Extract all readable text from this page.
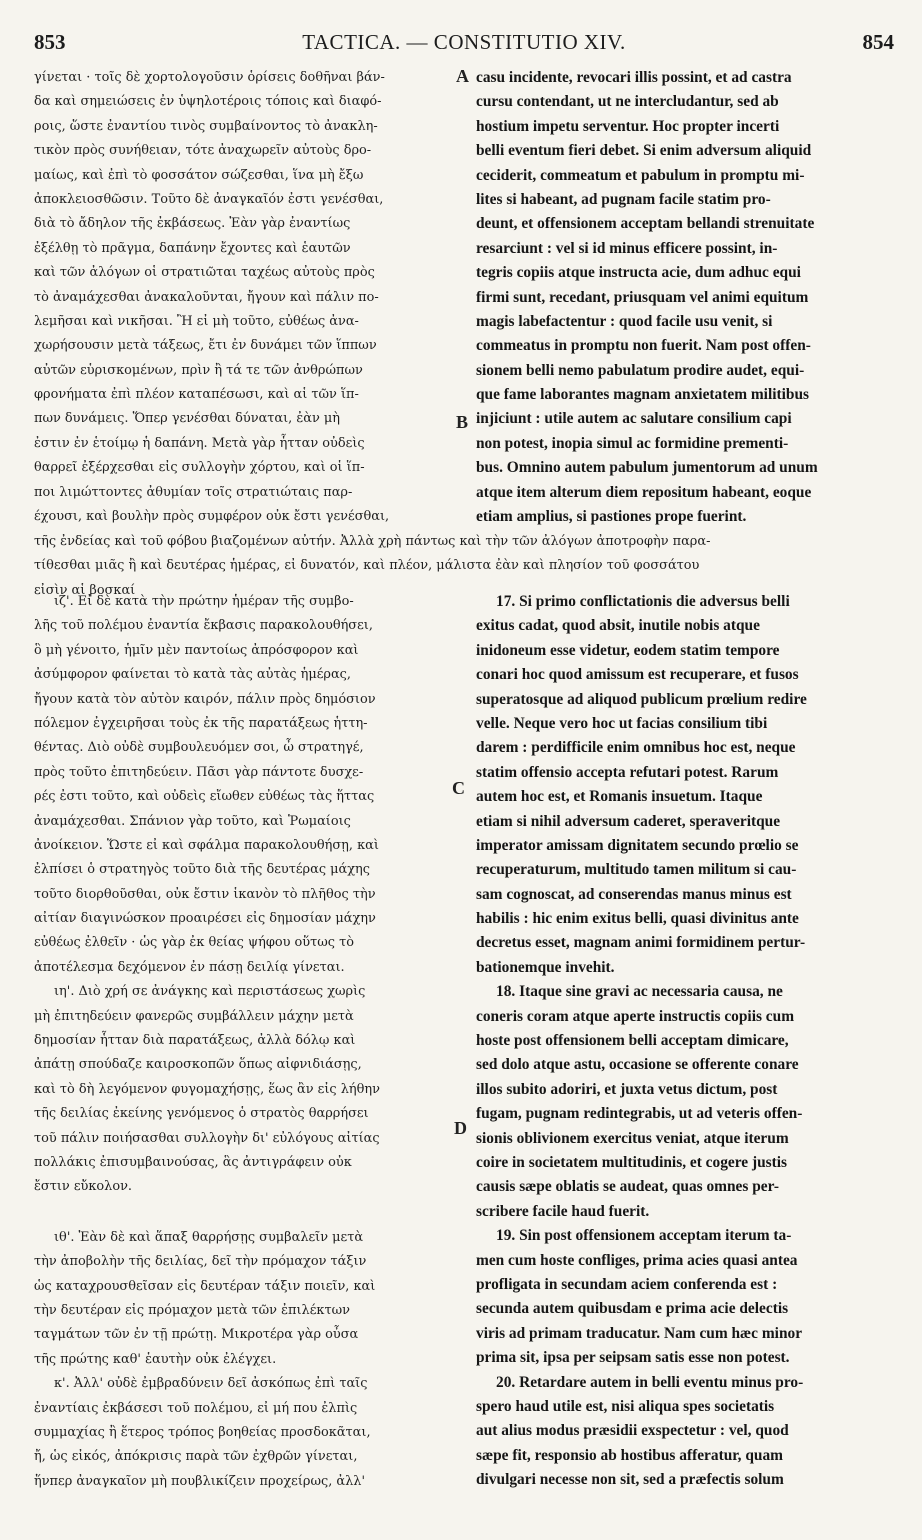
853	TACTICA. — CONSTITUTIO XIV.	854
γίνεται · τοῖς δὲ χορτολογοῦσιν ὁρίσεις δοθῆναι βάν-
δα καὶ σημειώσεις ἐν ὑψηλοτέροις τόποις καὶ διαφό-
ροις, ὥστε ἐναντίου τινὸς συμβαίνοντος τὸ ἀνακλη-
τικὸν πρὸς συνήθειαν, τότε ἀναχωρεῖν αὐτοὺς δρο-
μαίως, καὶ ἐπὶ τὸ φοσσάτον σώζεσθαι, ἵνα μὴ ἔξω
ἀποκλειοσθῶσιν. Τοῦτο δὲ ἀναγκαῖόν ἐστι γενέσθαι,
διὰ τὸ ἄδηλον τῆς ἐκβάσεως. Ἐὰν γὰρ ἐναντίως
ἐξέλθῃ τὸ πρᾶγμα, δαπάνην ἔχοντες καὶ ἑαυτῶν
καὶ τῶν ἀλόγων οἱ στρατιῶται ταχέως αὐτοὺς πρὸς
τὸ ἀναμάχεσθαι ἀνακαλοῦνται, ἤγουν καὶ πάλιν πο-
λεμῆσαι καὶ νικῆσαι. Ἢ εἰ μὴ τοῦτο, εὐθέως ἀνα-
χωρήσουσιν μετὰ τάξεως, ἔτι ἐν δυνάμει τῶν ἵππων
αὐτῶν εὑρισκομένων, πρὶν ἢ τά τε τῶν ἀνθρώπων
φρονήματα ἐπὶ πλέον καταπέσωσι, καὶ αἱ τῶν ἵπ-
πων δυνάμεις. Ὅπερ γενέσθαι δύναται, ἐὰν μὴ
ἐστιν ἐν ἑτοίμῳ ἡ δαπάνη. Μετὰ γὰρ ἧτταν οὐδεὶς
θαρρεῖ ἐξέρχεσθαι εἰς συλλογὴν χόρτου, καὶ οἱ ἵπ-
ποι λιμώττοντες ἀθυμίαν τοῖς στρατιώταις παρ-
έχουσι, καὶ βουλὴν πρὸς συμφέρον οὐκ ἔστι γενέσθαι,
casu incidente, revocari illis possint, et ad castra
cursu contendant, ut ne intercludantur, sed ab
hostium impetu serventur. Hoc propter incerti
belli eventum fieri debet. Si enim adversum aliquid
ceciderit, commeatum et pabulum in promptu mi-
lites si habeant, ad pugnam facile statim pro-
deunt, et offensionem acceptam bellandi strenuitate
resarciunt : vel si id minus efficere possint, in-
tegris copiis atque instructa acie, dum adhuc equi
firmi sunt, recedant, priusquam vel animi equitum
magis labefactentur : quod facile usu venit, si
commeatus in promptu non fuerit. Nam post offen-
sionem belli nemo pabulatum prodire audet, equi-
que fame laborantes magnam anxietatem militibus
injiciunt : utile autem ac salutare consilium capi
non potest, inopia simul ac formidine prementi-
bus. Omnino autem pabulum jumentorum ad unum
atque item alterum diem repositum habeant, eoque
etiam amplius, si pastiones prope fuerint.
τῆς ἐνδείας καὶ τοῦ φόβου βιαζομένων αὐτήν. Ἀλλὰ χρὴ πάντως καὶ τὴν τῶν ἀλόγων ἀποτροφὴν παρα-
τίθεσθαι μιᾶς ἢ καὶ δευτέρας ἡμέρας, εἰ δυνατόν, καὶ πλέον, μάλιστα ἐὰν καὶ πλησίον τοῦ φοσσάτου
εἰσὶν αἱ βοσκαί
ιζ'. Εἰ δὲ κατὰ τὴν πρώτην ἡμέραν τῆς συμβο-
λῆς τοῦ πολέμου ἐναντία ἔκβασις παρακολουθήσει,
ὃ μὴ γένοιτο, ἡμῖν μὲν παντοίως ἀπρόσφορον καὶ
ἀσύμφορον φαίνεται τὸ κατὰ τὰς αὐτὰς ἡμέρας,
ἤγουν κατὰ τὸν αὐτὸν καιρόν, πάλιν πρὸς δημόσιον
πόλεμον ἐγχειρῆσαι τοὺς ἐκ τῆς παρατάξεως ἡττη-
θέντας. Διὸ οὐδὲ συμβουλευόμεν σοι, ὦ στρατηγέ,
πρὸς τοῦτο ἐπιτηδεύειν. Πᾶσι γὰρ πάντοτε δυσχε-
ρές ἐστι τοῦτο, καὶ οὐδεὶς εἴωθεν εὐθέως τὰς ἥττας
ἀναμάχεσθαι. Σπάνιον γὰρ τοῦτο, καὶ Ῥωμαίοις
ἀνοίκειον. Ὥστε εἰ καὶ σφάλμα παρακολουθήσῃ, καὶ
ἐλπίσει ὁ στρατηγὸς τοῦτο διὰ τῆς δευτέρας μάχης
τοῦτο διορθοῦσθαι, οὐκ ἔστιν ἱκανὸν τὸ πλῆθος τὴν
αἰτίαν διαγινώσκον προαιρέσει εἰς δημοσίαν μάχην
εὐθέως ἐλθεῖν · ὡς γὰρ ἐκ θείας ψήφου οὕτως τὸ
ἀποτέλεσμα δεχόμενον ἐν πάσῃ δειλίᾳ γίνεται.
ιη'. Διὸ χρή σε ἀνάγκης καὶ περιστάσεως χωρὶς
μὴ ἐπιτηδεύειν φανερῶς συμβάλλειν μάχην μετὰ
δημοσίαν ἧτταν διὰ παρατάξεως, ἀλλὰ δόλῳ καὶ
ἀπάτῃ σπούδαζε καιροσκοπῶν ὅπως αἰφνιδιάσῃς,
καὶ τὸ δὴ λεγόμενον φυγομαχήσῃς, ἕως ἂν εἰς λήθην
τῆς δειλίας ἐκείνης γενόμενος ὁ στρατὸς θαρρήσει
τοῦ πάλιν ποιήσασθαι συλλογὴν δι' εὐλόγους αἰτίας
πολλάκις ἐπισυμβαινούσας, ἃς ἀντιγράφειν οὐκ
ἔστιν εὔκολον.
ιθ'. Ἐὰν δὲ καὶ ἅπαξ θαρρήσῃς συμβαλεῖν μετὰ
τὴν ἀποβολὴν τῆς δειλίας, δεῖ τὴν πρόμαχον τάξιν
ὡς καταχρουσθεῖσαν εἰς δευτέραν τάξιν ποιεῖν, καὶ
τὴν δευτέραν εἰς πρόμαχον μετὰ τῶν ἐπιλέκτων
ταγμάτων τῶν ἐν τῇ πρώτῃ. Μικροτέρα γὰρ οὖσα
τῆς πρώτης καθ' ἑαυτὴν οὐκ ἐλέγχει.
κ'. Ἀλλ' οὐδὲ ἐμβραδύνειν δεῖ ἀσκόπως ἐπὶ ταῖς
ἐναντίαις ἐκβάσεσι τοῦ πολέμου, εἰ μή που ἐλπὶς
συμμαχίας ἢ ἕτερος τρόπος βοηθείας προσδοκᾶται,
ἤ, ὡς εἰκός, ἀπόκρισις παρὰ τῶν ἐχθρῶν γίνεται,
ἥνπερ ἀναγκαῖον μὴ πουβλικίζειν προχείρως, ἀλλ'
17. Si primo conflictationis die adversus belli
exitus cadat, quod absit, inutile nobis atque
inidoneum esse videtur, eodem statim tempore
conari hoc quod amissum est recuperare, et fusos
superatosque ad aliquod publicum prœlium redire
velle. Neque vero hoc ut facias consilium tibi
darem : perdifficile enim omnibus hoc est, neque
statim offensio accepta refutari potest. Rarum
autem hoc est, et Romanis insuetum. Itaque
etiam si nihil adversum caderet, speraveritque
imperator amissam dignitatem secundo prœlio se
recuperaturum, multitudo tamen militum si cau-
sam cognoscat, ad conserendas manus minus est
habilis : hic enim exitus belli, quasi divinitus ante
decretus esset, magnam animi formidinem pertur-
bationemque invehit.
18. Itaque sine gravi ac necessaria causa, ne
coneris coram atque aperte instructis copiis cum
hoste post offensionem belli acceptam dimicare,
sed dolo atque astu, occasione se offerente conare
illos subito adoriri, et juxta vetus dictum, post
fugam, pugnam redintegrabis, ut ad veteris offen-
sionis oblivionem exercitus veniat, atque iterum
coire in societatem multitudinis, et cogere justis
causis sæpe oblatis se audeat, quas omnes per-
scribere facile haud fuerit.
19. Sin post offensionem acceptam iterum ta-
men cum hoste confliges, prima acies quasi antea
profligata in secundam aciem conferenda est :
secunda autem quibusdam e prima acie delectis
viris ad primam traducatur. Nam cum hæc minor
prima sit, ipsa per seipsam satis esse non potest.
20. Retardare autem in belli eventu minus pro-
spero haud utile est, nisi aliqua spes societatis
aut alius modus præsidii exspectetur : vel, quod
sæpe fit, responsio ab hostibus afferatur, quam
divulgari necesse non sit, sed a præfectis solum
A
B
C
D
